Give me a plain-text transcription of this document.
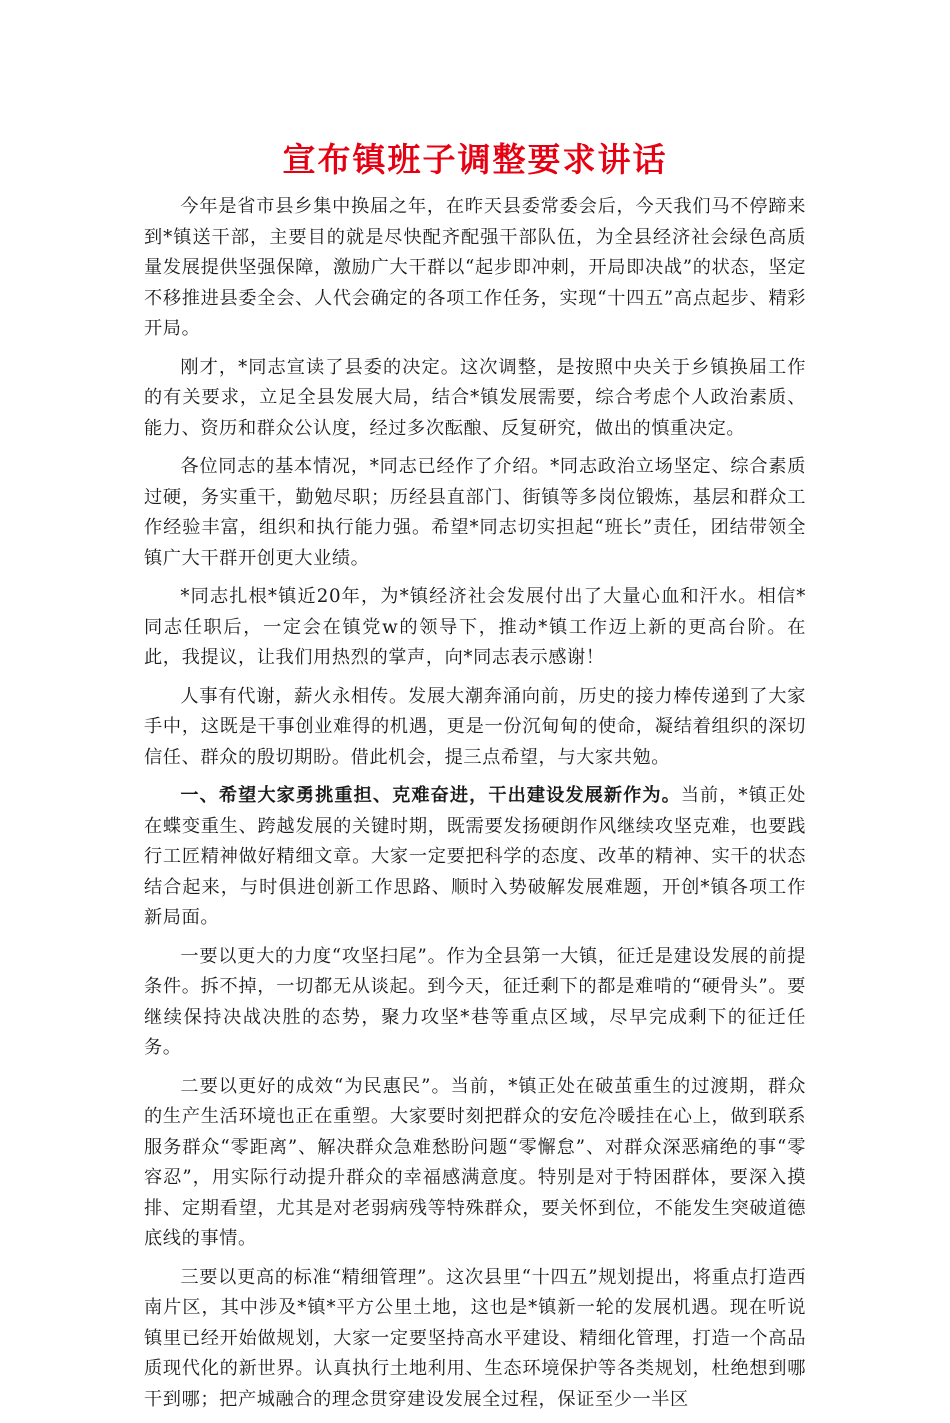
宣布镇班子调整要求讲话

今年是省市县乡集中换届之年，在昨天县委常委会后，今天我们马不停蹄来到*镇送干部，主要目的就是尽快配齐配强干部队伍，为全县经济社会绿色高质量发展提供坚强保障，激励广大干群以“起步即冲刺，开局即决战”的状态，坚定不移推进县委全会、人代会确定的各项工作任务，实现“十四五”高点起步、精彩开局。

刚才，*同志宣读了县委的决定。这次调整，是按照中央关于乡镇换届工作的有关要求，立足全县发展大局，结合*镇发展需要，综合考虑个人政治素质、能力、资历和群众公认度，经过多次酝酿、反复研究，做出的慎重决定。

各位同志的基本情况，*同志已经作了介绍。*同志政治立场坚定、综合素质过硬，务实重干，勤勉尽职；历经县直部门、街镇等多岗位锻炼，基层和群众工作经验丰富，组织和执行能力强。希望*同志切实担起“班长”责任，团结带领全镇广大干群开创更大业绩。

*同志扎根*镇近20年，为*镇经济社会发展付出了大量心血和汗水。相信*同志任职后，一定会在镇党w的领导下，推动*镇工作迈上新的更高台阶。在此，我提议，让我们用热烈的掌声，向*同志表示感谢！

人事有代谢，薪火永相传。发展大潮奔涌向前，历史的接力棒传递到了大家手中，这既是干事创业难得的机遇，更是一份沉甸甸的使命，凝结着组织的深切信任、群众的殷切期盼。借此机会，提三点希望，与大家共勉。

一、希望大家勇挑重担、克难奋进，干出建设发展新作为。当前，*镇正处在蝶变重生、跨越发展的关键时期，既需要发扬硬朗作风继续攻坚克难，也要践行工匠精神做好精细文章。大家一定要把科学的态度、改革的精神、实干的状态结合起来，与时俱进创新工作思路、顺时入势破解发展难题，开创*镇各项工作新局面。

一要以更大的力度“攻坚扫尾”。作为全县第一大镇，征迁是建设发展的前提条件。拆不掉，一切都无从谈起。到今天，征迁剩下的都是难啃的“硬骨头”。要继续保持决战决胜的态势，聚力攻坚*巷等重点区域，尽早完成剩下的征迁任务。

二要以更好的成效“为民惠民”。当前，*镇正处在破茧重生的过渡期，群众的生产生活环境也正在重塑。大家要时刻把群众的安危冷暖挂在心上，做到联系服务群众“零距离”、解决群众急难愁盼问题“零懈怠”、对群众深恶痛绝的事“零容忍”，用实际行动提升群众的幸福感满意度。特别是对于特困群体，要深入摸排、定期看望，尤其是对老弱病残等特殊群众，要关怀到位，不能发生突破道德底线的事情。

三要以更高的标准“精细管理”。这次县里“十四五”规划提出，将重点打造西南片区，其中涉及*镇*平方公里土地，这也是*镇新一轮的发展机遇。现在听说镇里已经开始做规划，大家一定要坚持高水平建设、精细化管理，打造一个高品质现代化的新世界。认真执行土地利用、生态环境保护等各类规划，杜绝想到哪干到哪；把产城融合的理念贯穿建设发展全过程，保证至少一半区
